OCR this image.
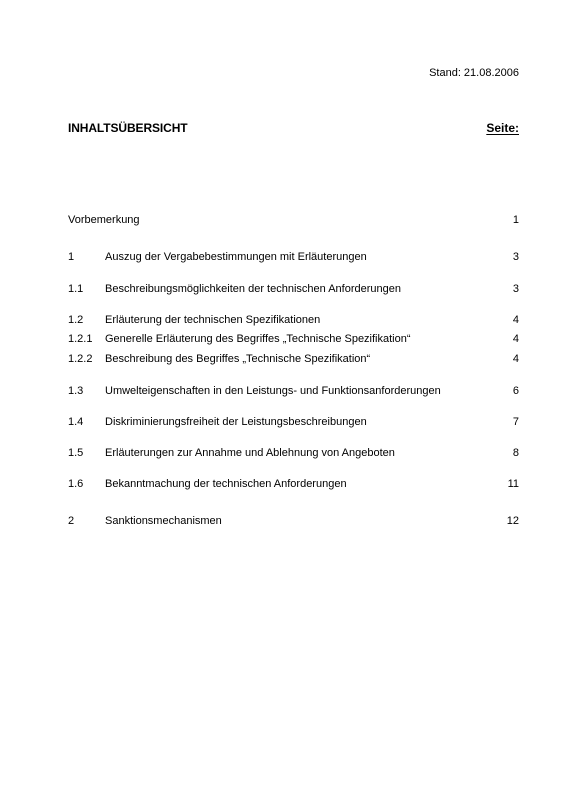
Stand: 21.08.2006
INHALTSÜBERSICHT	Seite:
Vorbemerkung	1
1	Auszug der Vergabebestimmungen mit Erläuterungen	3
1.1	Beschreibungsmöglichkeiten der technischen Anforderungen	3
1.2	Erläuterung der technischen Spezifikationen	4
1.2.1	Generelle Erläuterung des Begriffes „Technische Spezifikation“	4
1.2.2	Beschreibung des Begriffes „Technische Spezifikation“	4
1.3	Umwelteigenschaften in den Leistungs- und Funktionsanforderungen	6
1.4	Diskriminierungsfreiheit der Leistungsbeschreibungen	7
1.5	Erläuterungen zur Annahme und Ablehnung von Angeboten	8
1.6	Bekanntmachung der technischen Anforderungen	11
2	Sanktionsmechanismen	12
